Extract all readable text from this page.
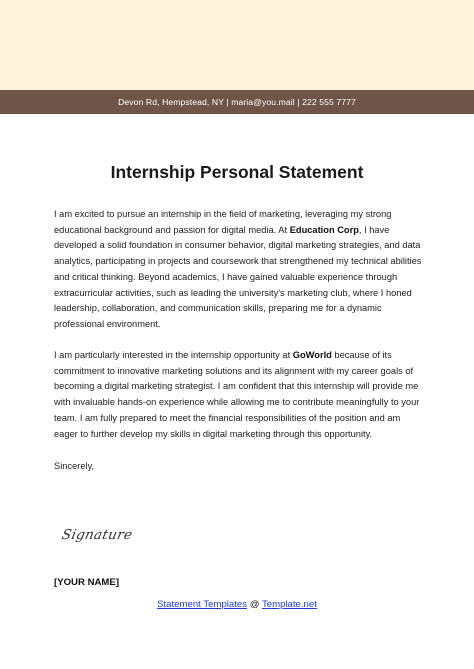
Devon Rd, Hempstead, NY | maria@you.mail | 222 555 7777
Internship Personal Statement

I am excited to pursue an internship in the field of marketing, leveraging my strong educational background and passion for digital media. At Education Corp, I have developed a solid foundation in consumer behavior, digital marketing strategies, and data analytics, participating in projects and coursework that strengthened my technical abilities and critical thinking. Beyond academics, I have gained valuable experience through extracurricular activities, such as leading the university's marketing club, where I honed leadership, collaboration, and communication skills, preparing me for a dynamic professional environment.

I am particularly interested in the internship opportunity at GoWorld because of its commitment to innovative marketing solutions and its alignment with my career goals of becoming a digital marketing strategist. I am confident that this internship will provide me with invaluable hands-on experience while allowing me to contribute meaningfully to your team. I am fully prepared to meet the financial responsibilities of the position and am eager to further develop my skills in digital marketing through this opportunity.

Sincerely,
Signature
[YOUR NAME]
Statement Templates @ Template.net
